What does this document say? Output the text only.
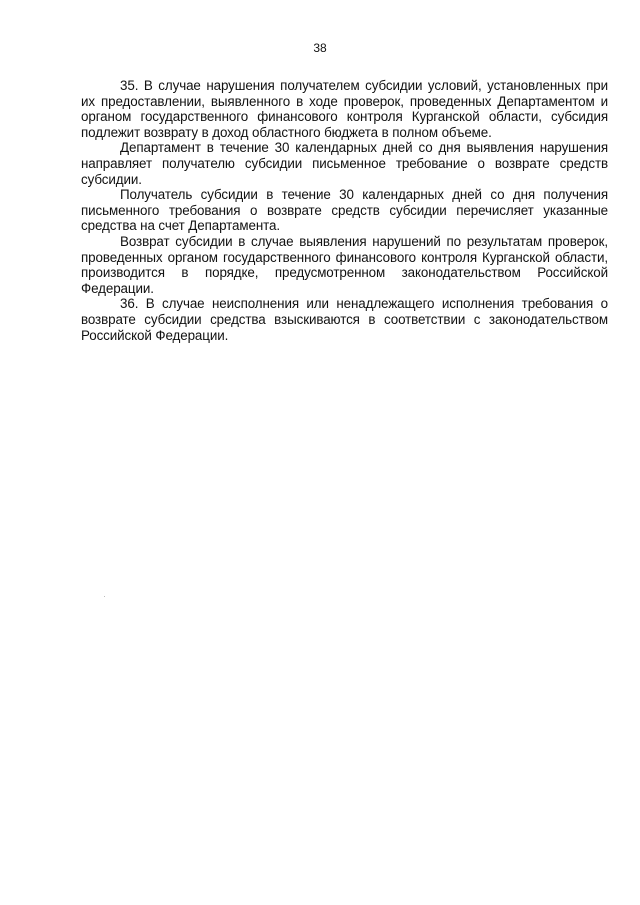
38

35. В случае нарушения получателем субсидии условий, установленных при их предоставлении, выявленного в ходе проверок, проведенных Департаментом и органом государственного финансового контроля Курганской области, субсидия подлежит возврату в доход областного бюджета в полном объеме.

Департамент в течение 30 календарных дней со дня выявления нарушения направляет получателю субсидии письменное требование о возврате средств субсидии.

Получатель субсидии в течение 30 календарных дней со дня получения письменного требования о возврате средств субсидии перечисляет указанные средства на счет Департамента.

Возврат субсидии в случае выявления нарушений по результатам проверок, проведенных органом государственного финансового контроля Курганской области, производится в порядке, предусмотренном законодательством Российской Федерации.

36. В случае неисполнения или ненадлежащего исполнения требования о возврате субсидии средства взыскиваются в соответствии с законодательством Российской Федерации.
